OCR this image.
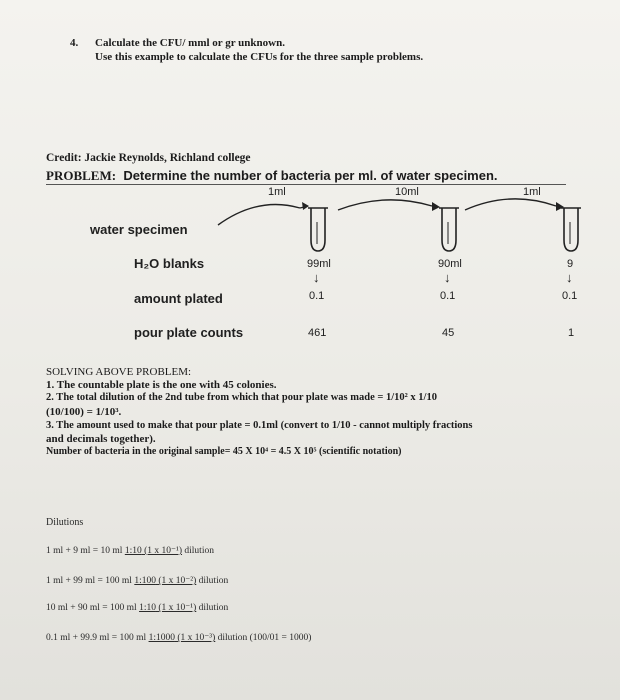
4. Calculate the CFU/ mml or gr unknown.
Use this example to calculate the CFUs for the three sample problems.
Credit: Jackie Reynolds, Richland college
PROBLEM: Determine the number of bacteria per ml. of water specimen.
1ml	10ml	1ml
water specimen
H₂O blanks
amount plated
pour plate counts
99ml
↓
0.1
461
90ml
↓
0.1
45
9
↓
0.1
1
SOLVING ABOVE PROBLEM:
1. The countable plate is the one with 45 colonies.
2. The total dilution of the 2nd tube from which that pour plate was made = 1/10² x 1/10
(10/100) = 1/10³.
3. The amount used to make that pour plate = 0.1ml (convert to 1/10 - cannot multiply fractions
and decimals together).
Number of bacteria in the original sample= 45 X 10⁴ = 4.5 X 10⁵ (scientific notation)
Dilutions
1 ml + 9 ml = 10 ml 1:10 (1 x 10⁻¹) dilution
1 ml + 99 ml = 100 ml 1:100 (1 x 10⁻²) dilution
10 ml + 90 ml = 100 ml 1:10 (1 x 10⁻¹) dilution
0.1 ml + 99.9 ml = 100 ml 1:1000 (1 x 10⁻³) dilution (100/01 = 1000)
